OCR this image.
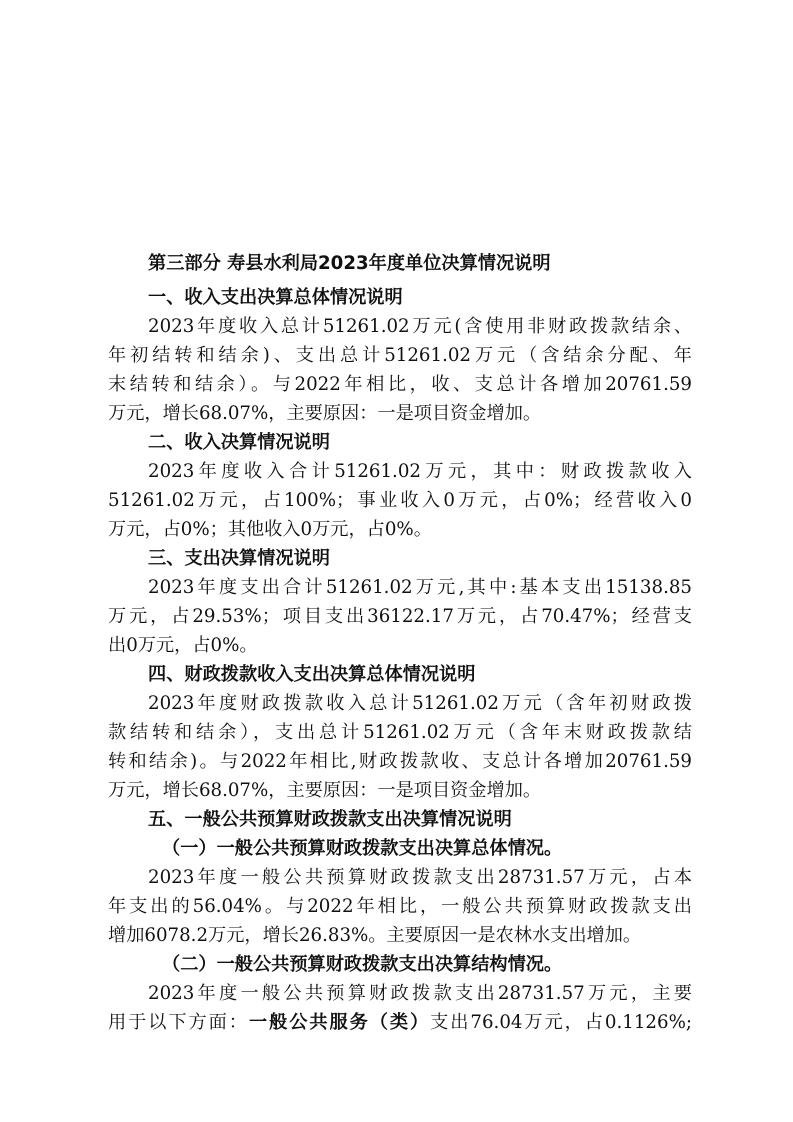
第三部分 寿县水利局2023年度单位决算情况说明
一、收入支出决算总体情况说明
2023年度收入总计51261.02万元(含使用非财政拨款结余、
年初结转和结余)、支出总计51261.02万元（含结余分配、年
末结转和结余）。与2022年相比，收、支总计各增加20761.59
万元，增长68.07%，主要原因：一是项目资金增加。
二、收入决算情况说明
2023年度收入合计51261.02万元，其中：财政拨款收入
51261.02万元，占100%；事业收入0万元，占0%；经营收入0
万元，占0%；其他收入0万元，占0%。
三、支出决算情况说明
2023年度支出合计51261.02万元,其中:基本支出15138.85
万元，占29.53%；项目支出36122.17万元，占70.47%；经营支
出0万元，占0%。
四、财政拨款收入支出决算总体情况说明
2023年度财政拨款收入总计51261.02万元（含年初财政拨
款结转和结余），支出总计51261.02万元（含年末财政拨款结
转和结余)。与2022年相比,财政拨款收、支总计各增加20761.59
万元，增长68.07%，主要原因：一是项目资金增加。
五、一般公共预算财政拨款支出决算情况说明
（一）一般公共预算财政拨款支出决算总体情况。
2023年度一般公共预算财政拨款支出28731.57万元，占本
年支出的56.04%。与2022年相比，一般公共预算财政拨款支出
增加6078.2万元，增长26.83%。主要原因一是农林水支出增加。
（二）一般公共预算财政拨款支出决算结构情况。
2023年度一般公共预算财政拨款支出28731.57万元，主要
用于以下方面：一般公共服务（类）支出76.04万元，占0.1126%;
